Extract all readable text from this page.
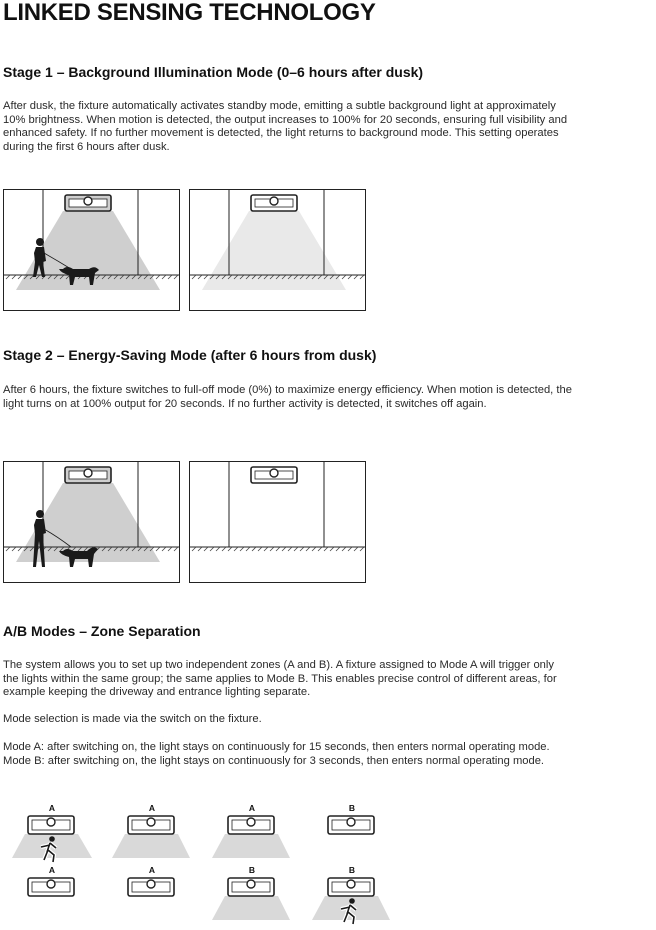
LINKED SENSING TECHNOLOGY
Stage 1 – Background Illumination Mode (0–6 hours after dusk)

After dusk, the fixture automatically activates standby mode, emitting a subtle background light at approximately
10% brightness. When motion is detected, the output increases to 100% for 20 seconds, ensuring full visibility and
enhanced safety. If no further movement is detected, the light returns to background mode. This setting operates
during the first 6 hours after dusk.

Stage 2 – Energy-Saving Mode (after 6 hours from dusk)

After 6 hours, the fixture switches to full-off mode (0%) to maximize energy efficiency. When motion is detected, the
light turns on at 100% output for 20 seconds. If no further activity is detected, it switches off again.

A/B Modes – Zone Separation

The system allows you to set up two independent zones (A and B). A fixture assigned to Mode A will trigger only
the lights within the same group; the same applies to Mode B. This enables precise control of different areas, for
example keeping the driveway and entrance lighting separate.

Mode selection is made via the switch on the fixture.

Mode A: after switching on, the light stays on continuously for 15 seconds, then enters normal operating mode.

Mode B: after switching on, the light stays on continuously for 3 seconds, then enters normal operating mode.

A	A	A	B
A	A	B	B
